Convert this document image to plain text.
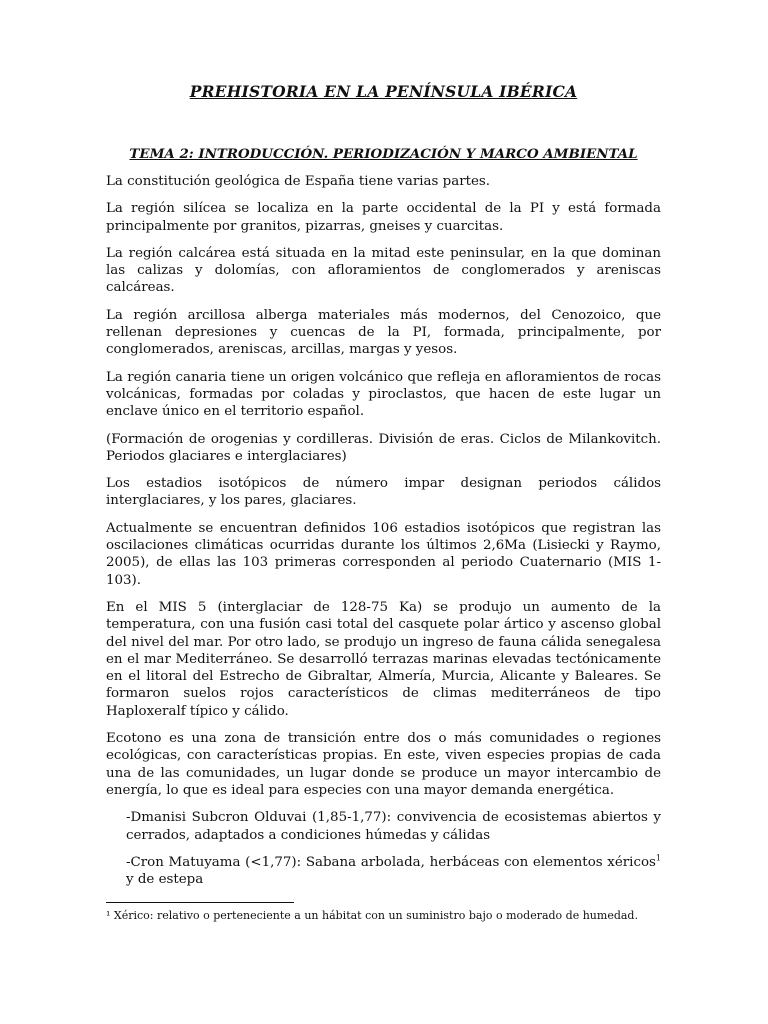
PREHISTORIA EN LA PENÍNSULA IBÉRICA
TEMA 2: INTRODUCCIÓN. PERIODIZACIÓN Y MARCO AMBIENTAL

La constitución geológica de España tiene varias partes.

La región silícea se localiza en la parte occidental de la PI y está formada principalmente por granitos, pizarras, gneises y cuarcitas.

La región calcárea está situada en la mitad este peninsular, en la que dominan las calizas y dolomías, con afloramientos de conglomerados y areniscas calcáreas.

La región arcillosa alberga materiales más modernos, del Cenozoico, que rellenan depresiones y cuencas de la PI, formada, principalmente, por conglomerados, areniscas, arcillas, margas y yesos.

La región canaria tiene un origen volcánico que refleja en afloramientos de rocas volcánicas, formadas por coladas y piroclastos, que hacen de este lugar un enclave único en el territorio español.

(Formación de orogenias y cordilleras. División de eras. Ciclos de Milankovitch. Periodos glaciares e interglaciares)

Los estadios isotópicos de número impar designan periodos cálidos interglaciares, y los pares, glaciares.

Actualmente se encuentran definidos 106 estadios isotópicos que registran las oscilaciones climáticas ocurridas durante los últimos 2,6Ma (Lisiecki y Raymo, 2005), de ellas las 103 primeras corresponden al periodo Cuaternario (MIS 1-103).

En el MIS 5 (interglaciar de 128-75 Ka) se produjo un aumento de la temperatura, con una fusión casi total del casquete polar ártico y ascenso global del nivel del mar. Por otro lado, se produjo un ingreso de fauna cálida senegalesa en el mar Mediterráneo. Se desarrolló terrazas marinas elevadas tectónicamente en el litoral del Estrecho de Gibraltar, Almería, Murcia, Alicante y Baleares. Se formaron suelos rojos característicos de climas mediterráneos de tipo Haploxeralf típico y cálido.

Ecotono es una zona de transición entre dos o más comunidades o regiones ecológicas, con características propias. En este, viven especies propias de cada una de las comunidades, un lugar donde se produce un mayor intercambio de energía, lo que es ideal para especies con una mayor demanda energética.

-Dmanisi Subcron Olduvai (1,85-1,77): convivencia de ecosistemas abiertos y cerrados, adaptados a condiciones húmedas y cálidas

-Cron Matuyama (<1,77): Sabana arbolada, herbáceas con elementos xéricos$^1$ y de estepa

¹ Xérico: relativo o perteneciente a un hábitat con un suministro bajo o moderado de humedad.
